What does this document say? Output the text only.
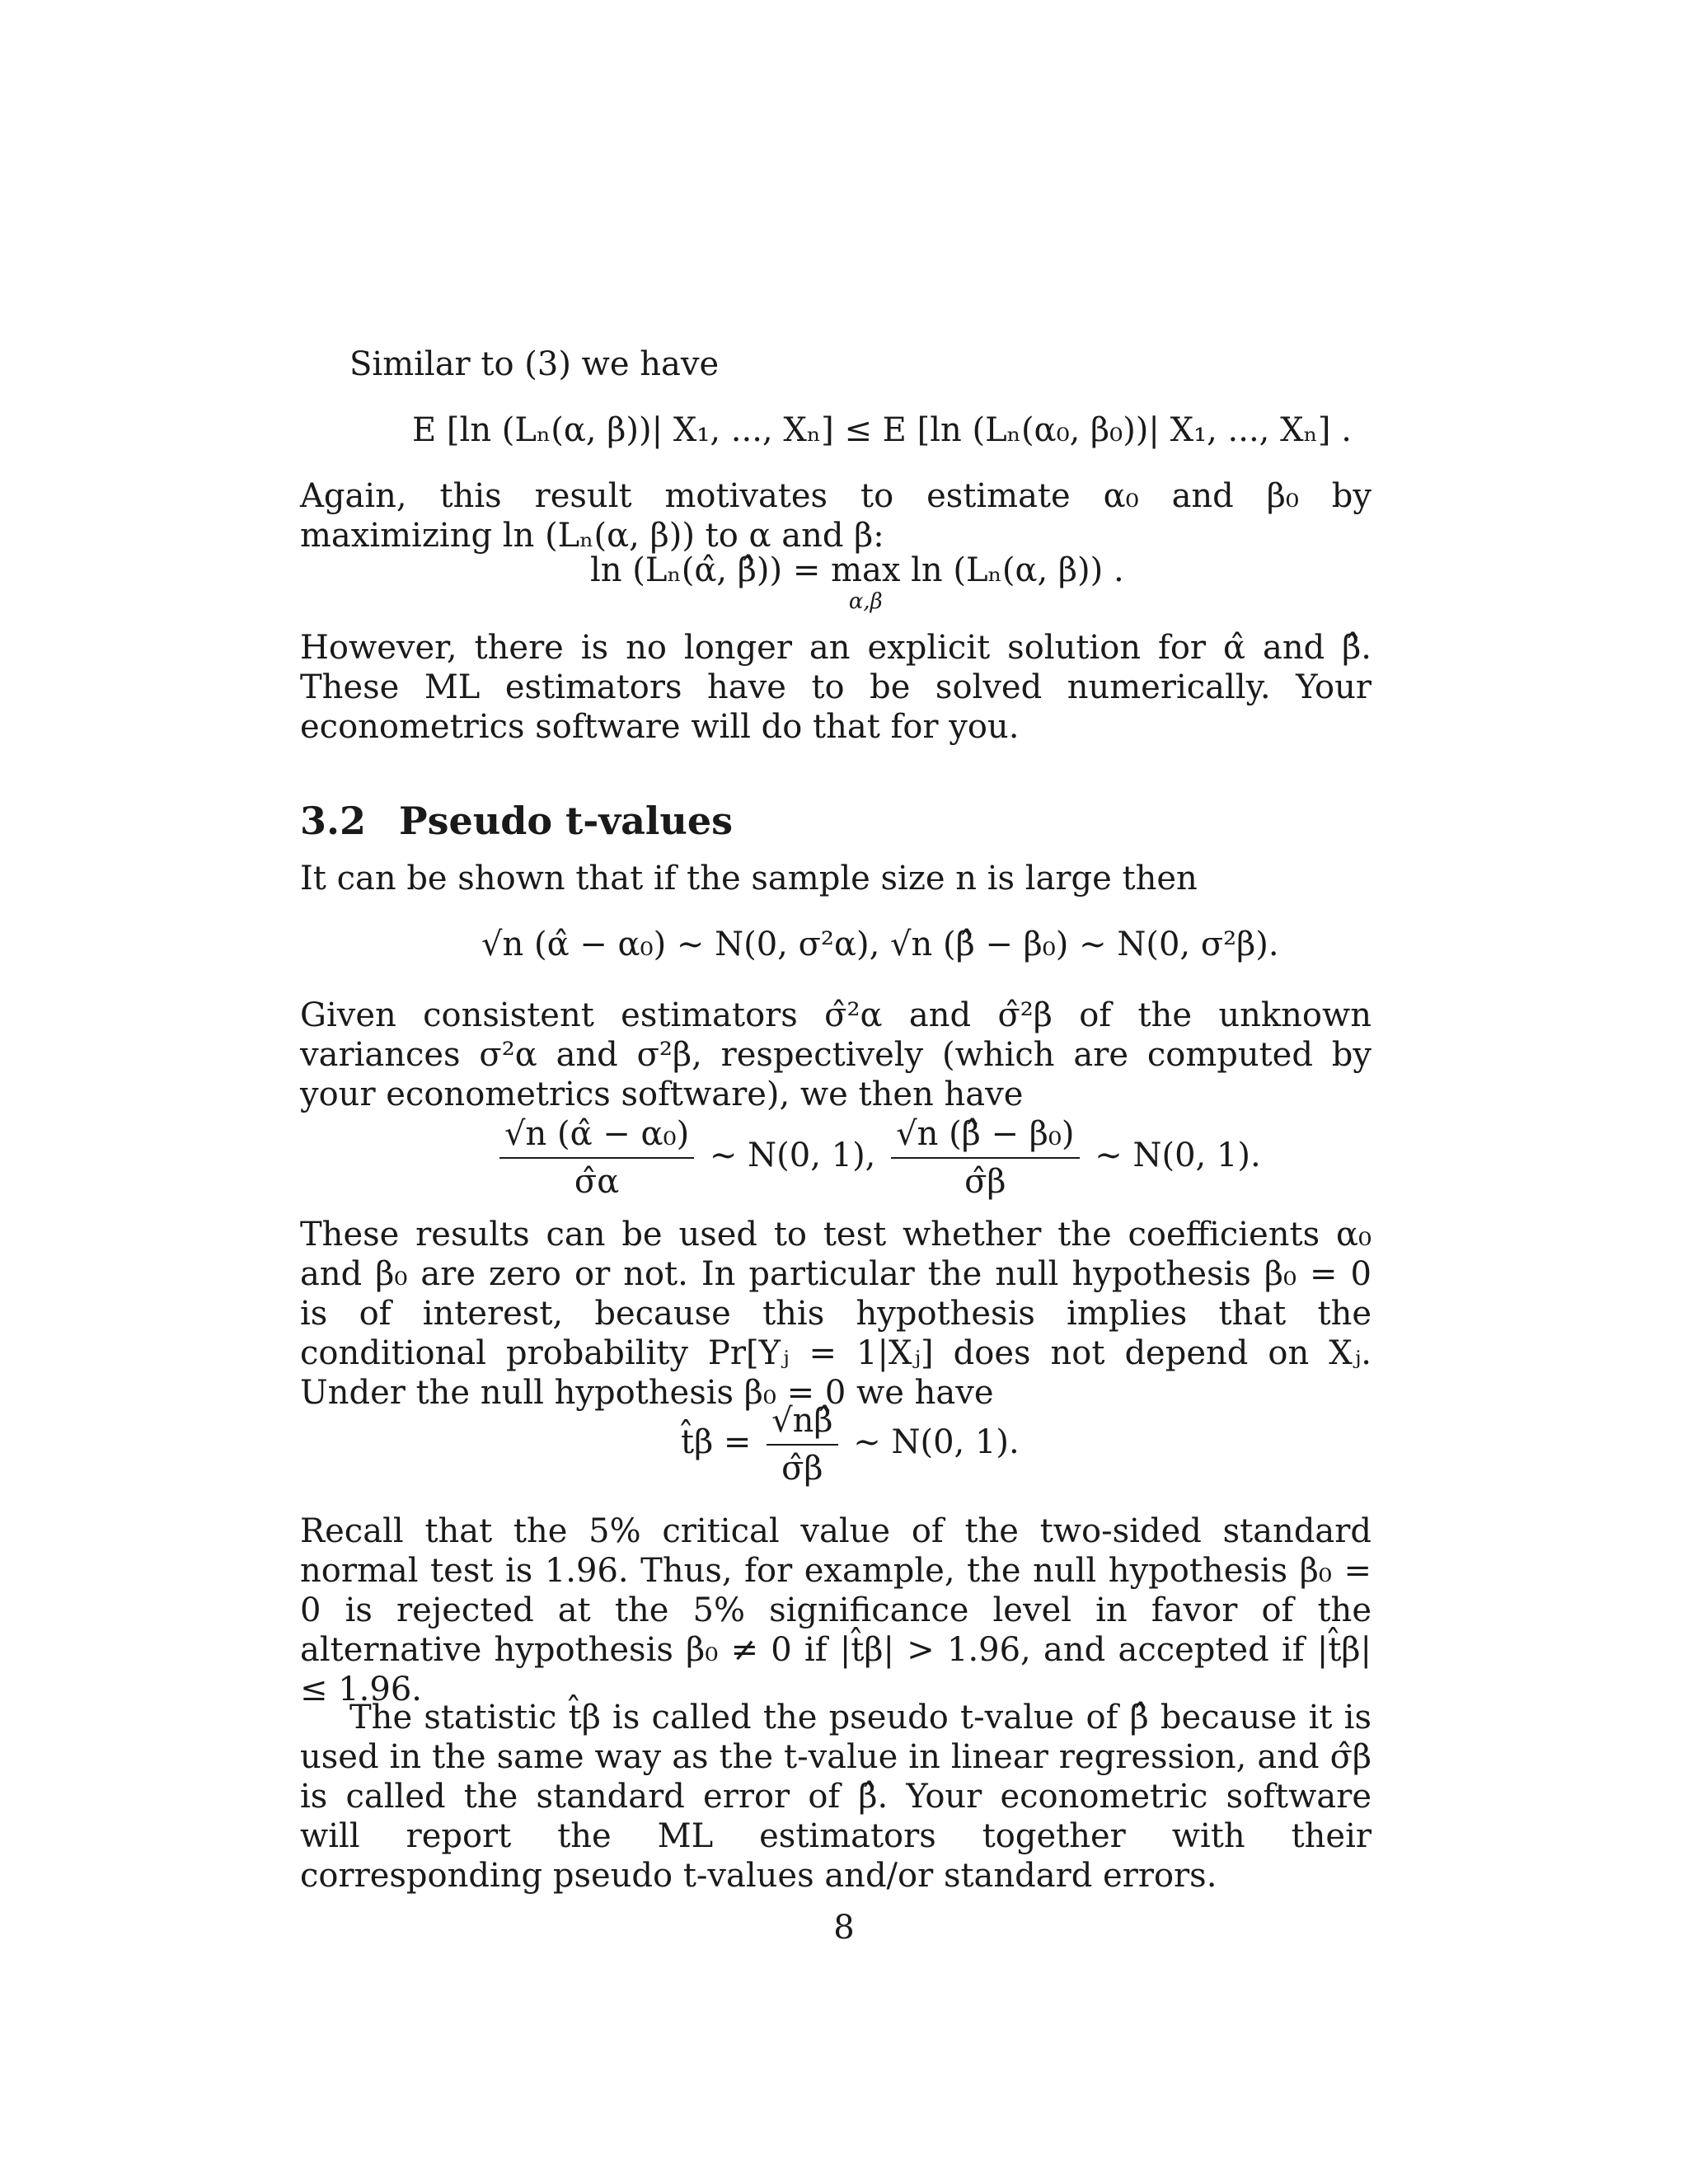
Similar to (3) we have
E [ln (Lₙ(α, β))| X₁, ..., Xₙ] ≤ E [ln (Lₙ(α₀, β₀))| X₁, ..., Xₙ] .
Again, this result motivates to estimate α₀ and β₀ by maximizing ln (Lₙ(α, β)) to α and β:
ln (Lₙ(α̂, β̂)) = max
α,β
ln (Lₙ(α, β)) .
However, there is no longer an explicit solution for α̂ and β̂. These ML estimators have to be solved numerically. Your econometrics software will do that for you.
3.2 Pseudo t-values
It can be shown that if the sample size n is large then
√n (α̂ − α₀) ∼ N(0, σ²α), √n (β̂ − β₀) ∼ N(0, σ²β).
Given consistent estimators σ̂²α and σ̂²β of the unknown variances σ²α and σ²β, respectively (which are computed by your econometrics software), we then have
$\frac{\text{√n (α̂ − α₀)}}{\sigmâ\alpha}$ ∼ N(0, 1), $\frac{\text{√n (β̂ − β₀)}}{\sigmâ\beta}$ ∼ N(0, 1).
These results can be used to test whether the coefficients α₀ and β₀ are zero or not. In particular the null hypothesis β₀ = 0 is of interest, because this hypothesis implies that the conditional probability Pr[Yⱼ = 1|Xⱼ] does not depend on Xⱼ. Under the null hypothesis β₀ = 0 we have
t̂β = $\frac{√n\betâ}{\sigmâ\beta}$ ∼ N(0, 1).
Recall that the 5% critical value of the two-sided standard normal test is 1.96. Thus, for example, the null hypothesis β₀ = 0 is rejected at the 5% significance level in favor of the alternative hypothesis β₀ ≠ 0 if |t̂β| > 1.96, and accepted if |t̂β| ≤ 1.96.
The statistic t̂β is called the pseudo t-value of β̂ because it is used in the same way as the t-value in linear regression, and σ̂β is called the standard error of β̂. Your econometric software will report the ML estimators together with their corresponding pseudo t-values and/or standard errors.
8
